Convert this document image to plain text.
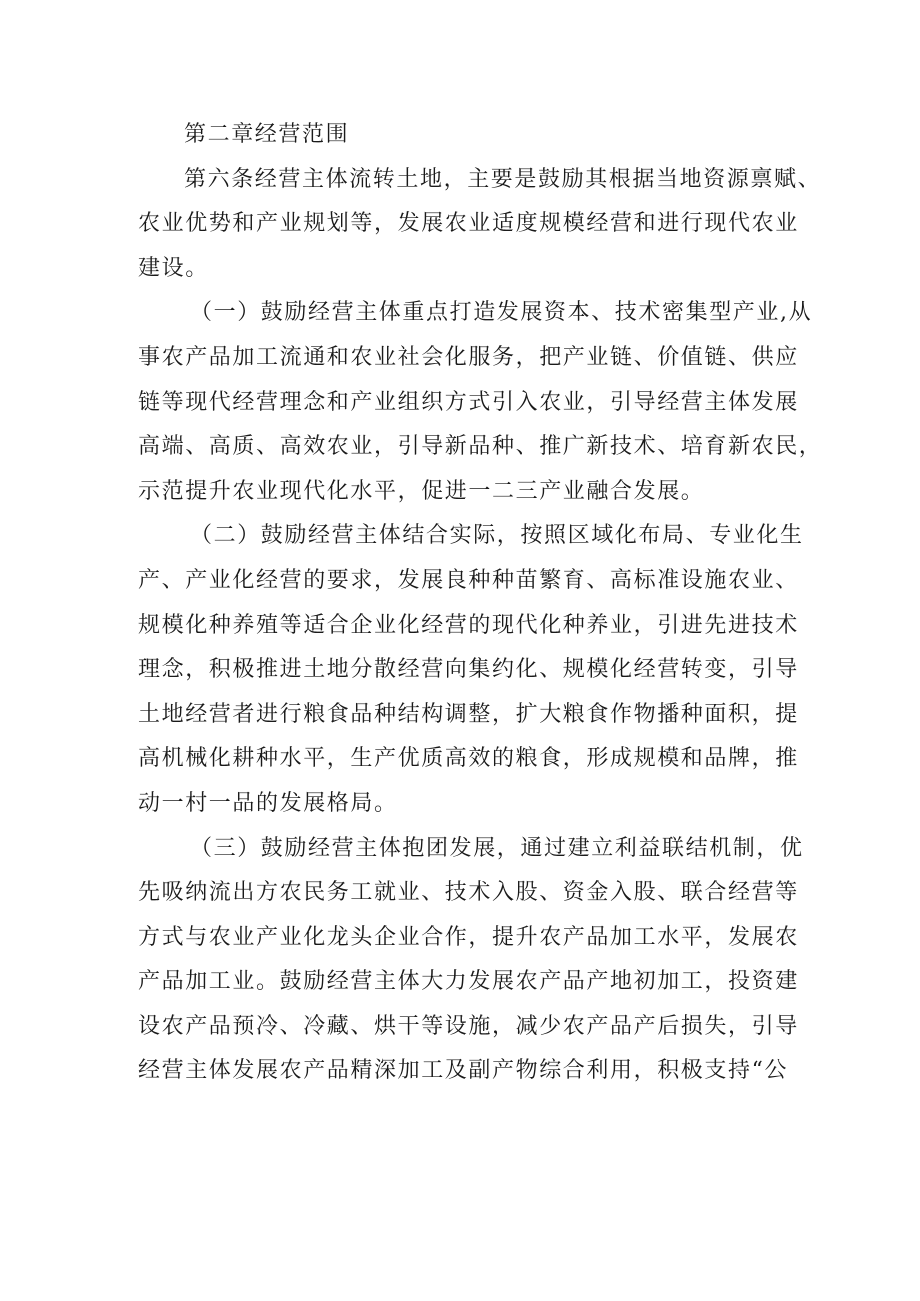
第二章经营范围
第六条经营主体流转土地，主要是鼓励其根据当地资源禀赋、
农业优势和产业规划等，发展农业适度规模经营和进行现代农业
建设。
（一）鼓励经营主体重点打造发展资本、技术密集型产业,从
事农产品加工流通和农业社会化服务，把产业链、价值链、供应
链等现代经营理念和产业组织方式引入农业，引导经营主体发展
高端、高质、高效农业，引导新品种、推广新技术、培育新农民，
示范提升农业现代化水平，促进一二三产业融合发展。
（二）鼓励经营主体结合实际，按照区域化布局、专业化生
产、产业化经营的要求，发展良种种苗繁育、高标准设施农业、
规模化种养殖等适合企业化经营的现代化种养业，引进先进技术
理念，积极推进土地分散经营向集约化、规模化经营转变，引导
土地经营者进行粮食品种结构调整，扩大粮食作物播种面积，提
高机械化耕种水平，生产优质高效的粮食，形成规模和品牌，推
动一村一品的发展格局。
（三）鼓励经营主体抱团发展，通过建立利益联结机制，优
先吸纳流出方农民务工就业、技术入股、资金入股、联合经营等
方式与农业产业化龙头企业合作，提升农产品加工水平，发展农
产品加工业。鼓励经营主体大力发展农产品产地初加工，投资建
设农产品预冷、冷藏、烘干等设施，减少农产品产后损失，引导
经营主体发展农产品精深加工及副产物综合利用，积极支持“公
